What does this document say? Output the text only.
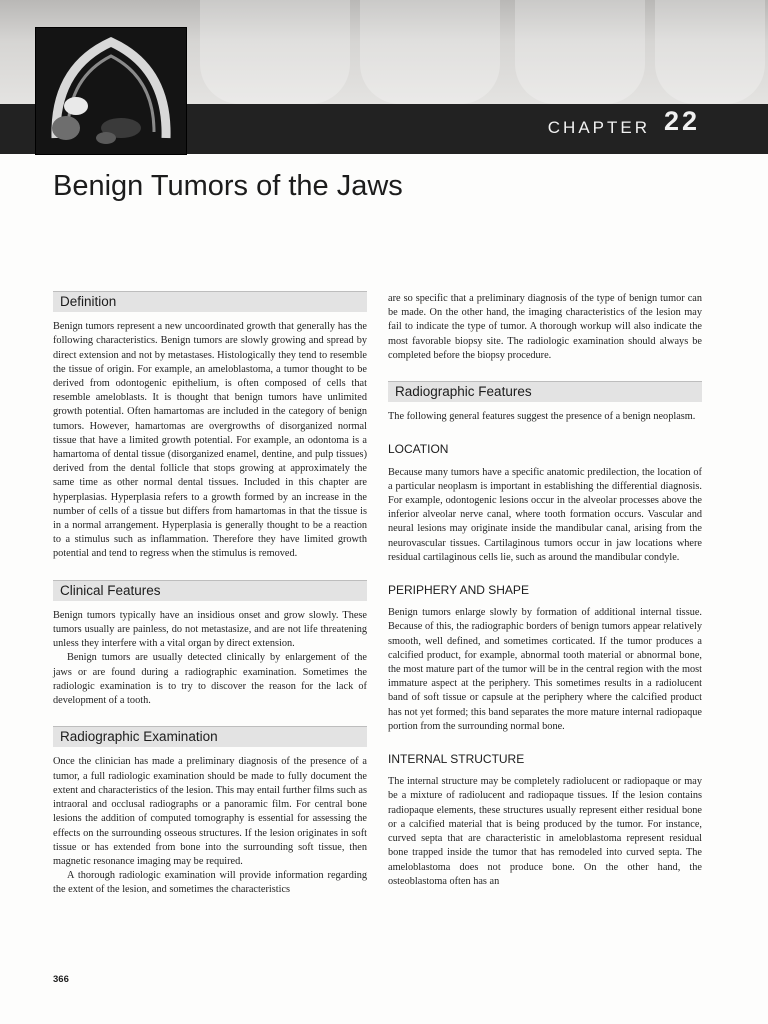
CHAPTER 22
Benign Tumors of the Jaws
Definition

Benign tumors represent a new uncoordinated growth that generally has the following characteristics. Benign tumors are slowly growing and spread by direct extension and not by metastases. Histologically they tend to resemble the tissue of origin. For example, an ameloblastoma, a tumor thought to be derived from odontogenic epithelium, is often composed of cells that resemble ameloblasts. It is thought that benign tumors have unlimited growth potential. Often hamartomas are included in the category of benign tumors. However, hamartomas are overgrowths of disorganized normal tissue that have a limited growth potential. For example, an odontoma is a hamartoma of dental tissue (disorganized enamel, dentine, and pulp tissues) derived from the dental follicle that stops growing at approximately the same time as other normal dental tissues. Included in this chapter are hyperplasias. Hyperplasia refers to a growth formed by an increase in the number of cells of a tissue but differs from hamartomas in that the tissue is in a normal arrangement. Hyperplasia is generally thought to be a reaction to a stimulus such as inflammation. Therefore they have limited growth potential and tend to regress when the stimulus is removed.

Clinical Features

Benign tumors typically have an insidious onset and grow slowly. These tumors usually are painless, do not metastasize, and are not life threatening unless they interfere with a vital organ by direct extension.

Benign tumors are usually detected clinically by enlargement of the jaws or are found during a radiographic examination. Sometimes the radiologic examination is to try to discover the reason for the lack of development of a tooth.

Radiographic Examination

Once the clinician has made a preliminary diagnosis of the presence of a tumor, a full radiologic examination should be made to fully document the extent and characteristics of the lesion. This may entail further films such as intraoral and occlusal radiographs or a panoramic film. For central bone lesions the addition of computed tomography is essential for assessing the effects on the surrounding osseous structures. If the lesion originates in soft tissue or has extended from bone into the surrounding soft tissue, then magnetic resonance imaging may be required.

A thorough radiologic examination will provide information regarding the extent of the lesion, and sometimes the characteristics

are so specific that a preliminary diagnosis of the type of benign tumor can be made. On the other hand, the imaging characteristics of the lesion may fail to indicate the type of tumor. A thorough workup will also indicate the most favorable biopsy site. The radiologic examination should always be completed before the biopsy procedure.

Radiographic Features

The following general features suggest the presence of a benign neoplasm.

LOCATION

Because many tumors have a specific anatomic predilection, the location of a particular neoplasm is important in establishing the differential diagnosis. For example, odontogenic lesions occur in the alveolar processes above the inferior alveolar nerve canal, where tooth formation occurs. Vascular and neural lesions may originate inside the mandibular canal, arising from the neurovascular tissues. Cartilaginous tumors occur in jaw locations where residual cartilaginous cells lie, such as around the mandibular condyle.

PERIPHERY AND SHAPE

Benign tumors enlarge slowly by formation of additional internal tissue. Because of this, the radiographic borders of benign tumors appear relatively smooth, well defined, and sometimes corticated. If the tumor produces a calcified product, for example, abnormal tooth material or abnormal bone, the most mature part of the tumor will be in the central region with the most immature aspect at the periphery. This sometimes results in a radiolucent band of soft tissue or capsule at the periphery where the calcified product has not yet formed; this band separates the more mature internal radiopaque portion from the surrounding normal bone.

INTERNAL STRUCTURE

The internal structure may be completely radiolucent or radiopaque or may be a mixture of radiolucent and radiopaque tissues. If the lesion contains radiopaque elements, these structures usually represent either residual bone or a calcified material that is being produced by the tumor. For instance, curved septa that are characteristic in ameloblastoma represent residual bone trapped inside the tumor that has remodeled into curved septa. The ameloblastoma does not produce bone. On the other hand, the osteoblastoma often has an

366
